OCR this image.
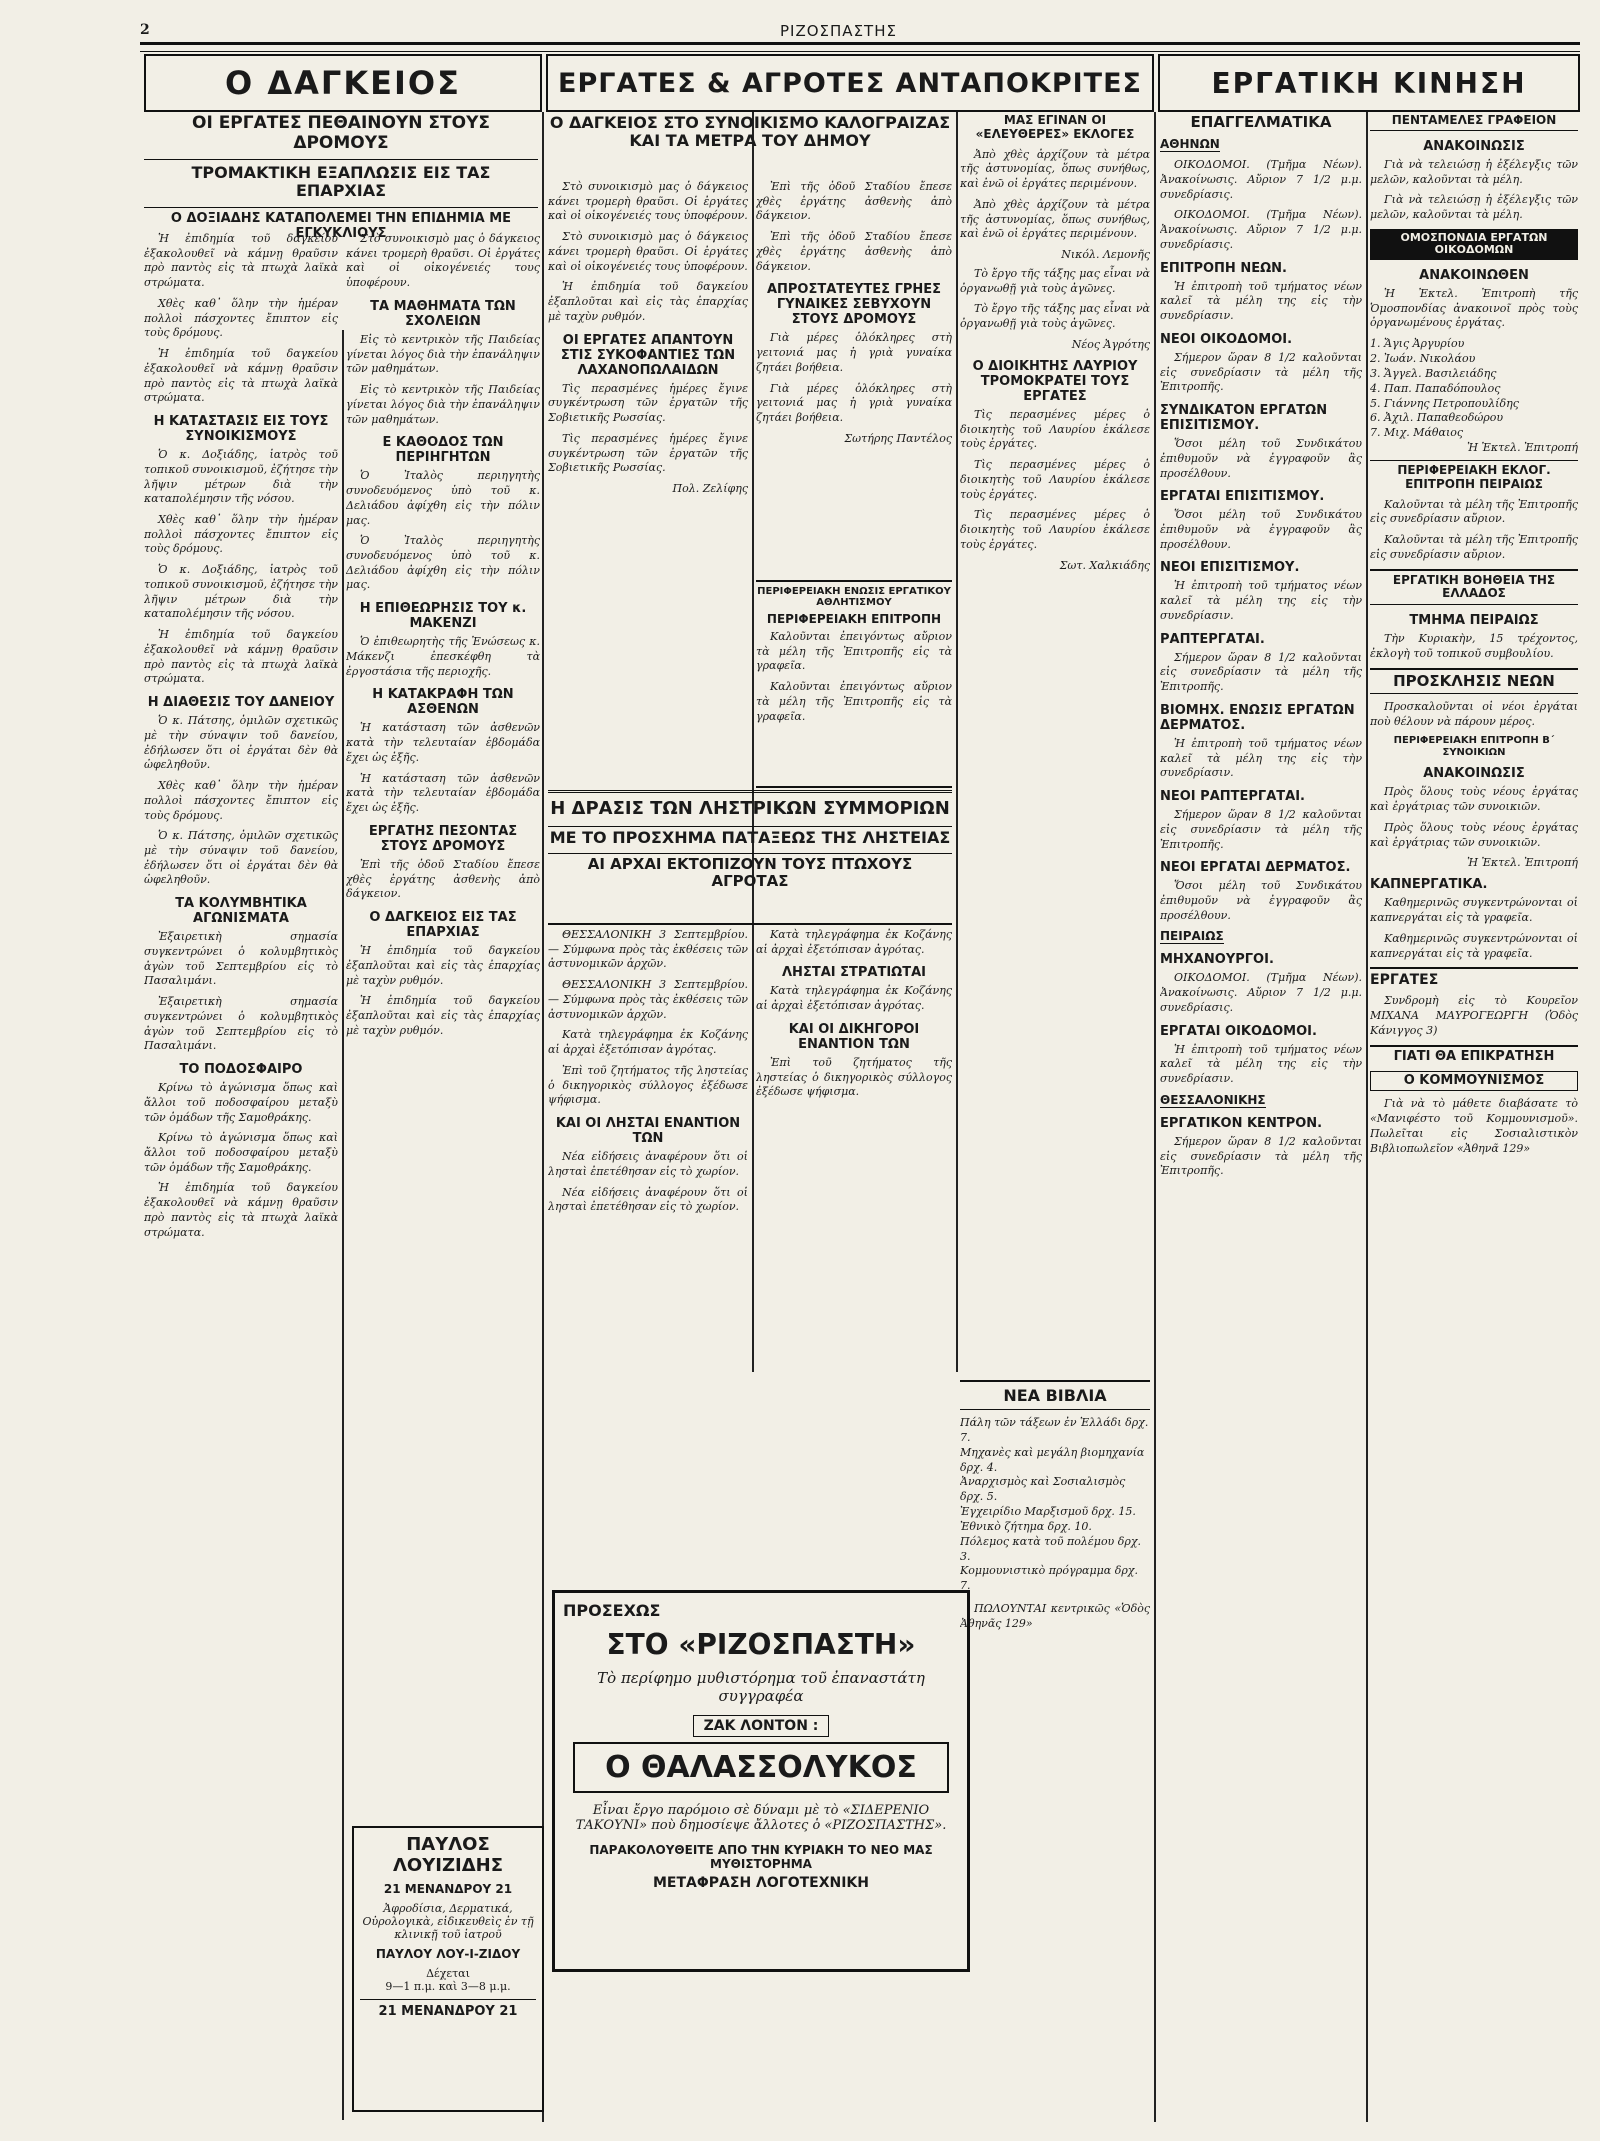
2	ΡΙΖΟΣΠΑΣΤΗΣ
Ο ΔΑΓΚΕΙΟΣ	ΕΡΓΑΤΕΣ & ΑΓΡΟΤΕΣ ΑΝΤΑΠΟΚΡΙΤΕΣ ΕΡΓΑΤΙΚΗ ΚΙΝΗΣΗ
ΟΙ ΕΡΓΑΤΕΣ ΠΕΘΑΙΝΟΥΝ ΣΤΟΥΣ ΔΡΟΜΟΥΣ
ΤΡΟΜΑΚΤΙΚΗ ΕΞΑΠΛΩΣΙΣ ΕΙΣ ΤΑΣ ΕΠΑΡΧΙΑΣ
Ο ΔΟΞΙΑΔΗΣ ΚΑΤΑΠΟΛΕΜΕΙ ΤΗΝ ΕΠΙΔΗΜΙΑ ΜΕ ΕΓΚΥΚΛΙΟΥΣ

Ἡ ἐπιδημία τοῦ δαγκείου ἐξακολουθεῖ νὰ κάμνῃ θραῦσιν πρὸ παντὸς εἰς τὰ πτωχὰ λαϊκὰ στρώματα.

Χθὲς καθ᾽ ὅλην τὴν ἡμέραν πολλοὶ πάσχοντες ἔπιπτον εἰς τοὺς δρόμους.

Ἡ ἐπιδημία τοῦ δαγκείου ἐξακολουθεῖ νὰ κάμνῃ θραῦσιν πρὸ παντὸς εἰς τὰ πτωχὰ λαϊκὰ στρώματα.

Η ΚΑΤΑΣΤΑΣΙΣ ΕΙΣ ΤΟΥΣ ΣΥΝΟΙΚΙΣΜΟΥΣ

Ὁ κ. Δοξιάδης, ἰατρὸς τοῦ τοπικοῦ συνοικισμοῦ, ἐζήτησε τὴν λῆψιν μέτρων διὰ τὴν καταπολέμησιν τῆς νόσου.

Χθὲς καθ᾽ ὅλην τὴν ἡμέραν πολλοὶ πάσχοντες ἔπιπτον εἰς τοὺς δρόμους.

Ὁ κ. Δοξιάδης, ἰατρὸς τοῦ τοπικοῦ συνοικισμοῦ, ἐζήτησε τὴν λῆψιν μέτρων διὰ τὴν καταπολέμησιν τῆς νόσου.

Ἡ ἐπιδημία τοῦ δαγκείου ἐξακολουθεῖ νὰ κάμνῃ θραῦσιν πρὸ παντὸς εἰς τὰ πτωχὰ λαϊκὰ στρώματα.

Η ΔΙΑΘΕΣΙΣ ΤΟΥ ΔΑΝΕΙΟΥ

Ὁ κ. Πάτσης, ὁμιλῶν σχετικῶς μὲ τὴν σύναψιν τοῦ δανείου, ἐδήλωσεν ὅτι οἱ ἐργάται δὲν θὰ ὠφεληθοῦν.

Χθὲς καθ᾽ ὅλην τὴν ἡμέραν πολλοὶ πάσχοντες ἔπιπτον εἰς τοὺς δρόμους.

Ὁ κ. Πάτσης, ὁμιλῶν σχετικῶς μὲ τὴν σύναψιν τοῦ δανείου, ἐδήλωσεν ὅτι οἱ ἐργάται δὲν θὰ ὠφεληθοῦν.

ΤΑ ΚΟΛΥΜΒΗΤΙΚΑ ΑΓΩΝΙΣΜΑΤΑ

Ἐξαιρετικὴ σημασία συγκεντρώνει ὁ κολυμβητικὸς ἀγὼν τοῦ Σεπτεμβρίου εἰς τὸ Πασαλιμάνι.

Ἐξαιρετικὴ σημασία συγκεντρώνει ὁ κολυμβητικὸς ἀγὼν τοῦ Σεπτεμβρίου εἰς τὸ Πασαλιμάνι.

ΤΟ ΠΟΔΟΣΦΑΙΡΟ

Κρίνω τὸ ἀγώνισμα ὅπως καὶ ἄλλοι τοῦ ποδοσφαίρου μεταξὺ τῶν ὁμάδων τῆς Σαμοθράκης.

Κρίνω τὸ ἀγώνισμα ὅπως καὶ ἄλλοι τοῦ ποδοσφαίρου μεταξὺ τῶν ὁμάδων τῆς Σαμοθράκης.

Ἡ ἐπιδημία τοῦ δαγκείου ἐξακολουθεῖ νὰ κάμνῃ θραῦσιν πρὸ παντὸς εἰς τὰ πτωχὰ λαϊκὰ στρώματα.

Στὸ συνοικισμὸ μας ὁ δάγκειος κάνει τρομερὴ θραῦσι. Οἱ ἐργάτες καὶ οἱ οἰκογένειές τους ὑποφέρουν.

ΤΑ ΜΑΘΗΜΑΤΑ ΤΩΝ ΣΧΟΛΕΙΩΝ

Εἰς τὸ κεντρικὸν τῆς Παιδείας γίνεται λόγος διὰ τὴν ἐπανάληψιν τῶν μαθημάτων.

Εἰς τὸ κεντρικὸν τῆς Παιδείας γίνεται λόγος διὰ τὴν ἐπανάληψιν τῶν μαθημάτων.

Ε ΚΑΘΟΔΟΣ ΤΩΝ ΠΕΡΙΗΓΗΤΩΝ

Ὁ Ἰταλὸς περιηγητὴς συνοδευόμενος ὑπὸ τοῦ κ. Δελιάδου ἀφίχθη εἰς τὴν πόλιν μας.

Ὁ Ἰταλὸς περιηγητὴς συνοδευόμενος ὑπὸ τοῦ κ. Δελιάδου ἀφίχθη εἰς τὴν πόλιν μας.

Η ΕΠΙΘΕΩΡΗΣΙΣ ΤΟΥ κ. ΜΑΚΕΝΖΙ

Ὁ ἐπιθεωρητὴς τῆς Ἐνώσεως κ. Μάκενζι ἐπεσκέφθη τὰ ἐργοστάσια τῆς περιοχῆς.

Η ΚΑΤΑΚΡΑΦΗ ΤΩΝ ΑΣΘΕΝΩΝ

Ἡ κατάσταση τῶν ἀσθενῶν κατὰ τὴν τελευταίαν ἑβδομάδα ἔχει ὡς ἑξῆς.

Ἡ κατάσταση τῶν ἀσθενῶν κατὰ τὴν τελευταίαν ἑβδομάδα ἔχει ὡς ἑξῆς.

ΕΡΓΑΤΗΣ ΠΕΣΟΝΤΑΣ ΣΤΟΥΣ ΔΡΟΜΟΥΣ

Ἐπὶ τῆς ὁδοῦ Σταδίου ἔπεσε χθὲς ἐργάτης ἀσθενὴς ἀπὸ δάγκειον.

Ο ΔΑΓΚΕΙΟΣ ΕΙΣ ΤΑΣ ΕΠΑΡΧΙΑΣ

Ἡ ἐπιδημία τοῦ δαγκείου ἐξαπλοῦται καὶ εἰς τὰς ἐπαρχίας μὲ ταχὺν ρυθμόν.

Ἡ ἐπιδημία τοῦ δαγκείου ἐξαπλοῦται καὶ εἰς τὰς ἐπαρχίας μὲ ταχὺν ρυθμόν.

ΠΑΥΛΟΣ ΛΟΥΙΖΙΔΗΣ
21 ΜΕΝΑΝΔΡΟΥ 21
Ἀφροδίσια, Δερματικά, Οὐρολογικὰ, εἰδικευθεὶς ἐν τῇ κλινικῇ τοῦ ἰατροῦ
ΠΑΥΛΟΥ ΛΟΥ-Ι-ΖΙΔΟΥ
Δέχεται
9—1 π.μ. καὶ 3—8 μ.μ.
21 ΜΕΝΑΝΔΡΟΥ 21
Ο ΔΑΓΚΕΙΟΣ ΣΤΟ ΣΥΝΟΙΚΙΣΜΟ ΚΑΛΟΓΡΑΙΖΑΣ ΚΑΙ ΤΑ ΜΕΤΡΑ ΤΟΥ ΔΗΜΟΥ

Στὸ συνοικισμὸ μας ὁ δάγκειος κάνει τρομερὴ θραῦσι. Οἱ ἐργάτες καὶ οἱ οἰκογένειές τους ὑποφέρουν.

Στὸ συνοικισμὸ μας ὁ δάγκειος κάνει τρομερὴ θραῦσι. Οἱ ἐργάτες καὶ οἱ οἰκογένειές τους ὑποφέρουν.

Ἡ ἐπιδημία τοῦ δαγκείου ἐξαπλοῦται καὶ εἰς τὰς ἐπαρχίας μὲ ταχὺν ρυθμόν.

ΟΙ ΕΡΓΑΤΕΣ ΑΠΑΝΤΟΥΝ ΣΤΙΣ ΣΥΚΟΦΑΝΤΙΕΣ ΤΩΝ ΛΑΧΑΝΟΠΩΛΑΙΔΩΝ

Τὶς περασμένες ἡμέρες ἔγινε συγκέντρωση τῶν ἐργατῶν τῆς Σοβιετικῆς Ρωσσίας.

Τὶς περασμένες ἡμέρες ἔγινε συγκέντρωση τῶν ἐργατῶν τῆς Σοβιετικῆς Ρωσσίας.

Πολ. Ζελίφης

Ἐπὶ τῆς ὁδοῦ Σταδίου ἔπεσε χθὲς ἐργάτης ἀσθενὴς ἀπὸ δάγκειον.

Ἐπὶ τῆς ὁδοῦ Σταδίου ἔπεσε χθὲς ἐργάτης ἀσθενὴς ἀπὸ δάγκειον.

ΑΠΡΟΣΤΑΤΕΥΤΕΣ ΓΡΗΕΣ ΓΥΝΑΙΚΕΣ ΣΕΒΥΧΟΥΝ ΣΤΟΥΣ ΔΡΟΜΟΥΣ

Γιὰ μέρες ὁλόκληρες στὴ γειτονιά μας ἡ γριὰ γυναίκα ζητάει βοήθεια.

Γιὰ μέρες ὁλόκληρες στὴ γειτονιά μας ἡ γριὰ γυναίκα ζητάει βοήθεια.

Σωτήρης Παντέλος

ΜΑΣ ΕΓΙΝΑΝ ΟΙ «ΕΛΕΥΘΕΡΕΣ» ΕΚΛΟΓΕΣ

Ἀπὸ χθὲς ἀρχίζουν τὰ μέτρα τῆς ἀστυνομίας, ὅπως συνήθως, καὶ ἐνῶ οἱ ἐργάτες περιμένουν.

Ἀπὸ χθὲς ἀρχίζουν τὰ μέτρα τῆς ἀστυνομίας, ὅπως συνήθως, καὶ ἐνῶ οἱ ἐργάτες περιμένουν.

Νικόλ. Λεμονῆς

Τὸ ἔργο τῆς τάξης μας εἶναι νὰ ὀργανωθῇ γιὰ τοὺς ἀγῶνες.

Τὸ ἔργο τῆς τάξης μας εἶναι νὰ ὀργανωθῇ γιὰ τοὺς ἀγῶνες.

Νέος Ἀγρότης

Ο ΔΙΟΙΚΗΤΗΣ ΛΑΥΡΙΟΥ ΤΡΟΜΟΚΡΑΤΕΙ ΤΟΥΣ ΕΡΓΑΤΕΣ

Τὶς περασμένες μέρες ὁ διοικητὴς τοῦ Λαυρίου ἐκάλεσε τοὺς ἐργάτες.

Τὶς περασμένες μέρες ὁ διοικητὴς τοῦ Λαυρίου ἐκάλεσε τοὺς ἐργάτες.

Τὶς περασμένες μέρες ὁ διοικητὴς τοῦ Λαυρίου ἐκάλεσε τοὺς ἐργάτες.

Σωτ. Χαλκιάδης

ΠΕΡΙΦΕΡΕΙΑΚΗ ΕΝΩΣΙΣ ΕΡΓΑΤΙΚΟΥ ΑΘΛΗΤΙΣΜΟΥ
ΠΕΡΙΦΕΡΕΙΑΚΗ ΕΠΙΤΡΟΠΗ

Καλοῦνται ἐπειγόντως αὔριον τὰ μέλη τῆς Ἐπιτροπῆς εἰς τὰ γραφεῖα.

Καλοῦνται ἐπειγόντως αὔριον τὰ μέλη τῆς Ἐπιτροπῆς εἰς τὰ γραφεῖα.

Η ΔΡΑΣΙΣ ΤΩΝ ΛΗΣΤΡΙΚΩΝ ΣΥΜΜΟΡΙΩΝ
ΜΕ ΤΟ ΠΡΟΣΧΗΜΑ ΠΑΤΑΞΕΩΣ ΤΗΣ ΛΗΣΤΕΙΑΣ
ΑΙ ΑΡΧΑΙ ΕΚΤΟΠΙΖΟΥΝ ΤΟΥΣ ΠΤΩΧΟΥΣ ΑΓΡΟΤΑΣ

ΘΕΣΣΑΛΟΝΙΚΗ 3 Σεπτεμβρίου. — Σύμφωνα πρὸς τὰς ἐκθέσεις τῶν ἀστυνομικῶν ἀρχῶν.

ΘΕΣΣΑΛΟΝΙΚΗ 3 Σεπτεμβρίου. — Σύμφωνα πρὸς τὰς ἐκθέσεις τῶν ἀστυνομικῶν ἀρχῶν.

Κατὰ τηλεγράφημα ἐκ Κοζάνης αἱ ἀρχαὶ ἐξετόπισαν ἀγρότας.

Ἐπὶ τοῦ ζητήματος τῆς ληστείας ὁ δικηγορικὸς σύλλογος ἐξέδωσε ψήφισμα.

ΚΑΙ ΟΙ ΛΗΣΤΑΙ ΕΝΑΝΤΙΟΝ ΤΩΝ

Νέα εἰδήσεις ἀναφέρουν ὅτι οἱ λησταὶ ἐπετέθησαν εἰς τὸ χωρίον.

Νέα εἰδήσεις ἀναφέρουν ὅτι οἱ λησταὶ ἐπετέθησαν εἰς τὸ χωρίον.

Κατὰ τηλεγράφημα ἐκ Κοζάνης αἱ ἀρχαὶ ἐξετόπισαν ἀγρότας.

ΛΗΣΤΑΙ ΣΤΡΑΤΙΩΤΑΙ

Κατὰ τηλεγράφημα ἐκ Κοζάνης αἱ ἀρχαὶ ἐξετόπισαν ἀγρότας.

ΚΑΙ ΟΙ ΔΙΚΗΓΟΡΟΙ ΕΝΑΝΤΙΟΝ ΤΩΝ

Ἐπὶ τοῦ ζητήματος τῆς ληστείας ὁ δικηγορικὸς σύλλογος ἐξέδωσε ψήφισμα.

ΝΕΑ ΒΙΒΛΙΑ

Πάλη τῶν τάξεων ἐν Ἑλλάδι δρχ. 7.

Μηχανὲς καὶ μεγάλη βιομηχανία δρχ. 4.

Ἀναρχισμὸς καὶ Σοσιαλισμὸς δρχ. 5.

Ἐγχειρίδιο Μαρξισμοῦ δρχ. 15.

Ἐθνικὸ ζήτημα δρχ. 10.

Πόλεμος κατὰ τοῦ πολέμου δρχ. 3.

Κομμουνιστικὸ πρόγραμμα δρχ. 7.

ΠΩΛΟΥΝΤΑΙ κεντρικῶς «Ὁδὸς Ἀθηνᾶς 129»

ΠΡΟΣΕΧΩΣ
ΣΤΟ «ΡΙΖΟΣΠΑΣΤΗ»
Τὸ περίφημο μυθιστόρημα τοῦ ἐπαναστάτη συγγραφέα
ΖΑΚ ΛΟΝΤΟΝ :
Ο ΘΑΛΑΣΣΟΛΥΚΟΣ
Εἶναι ἔργο παρόμοιο σὲ δύναμι μὲ τὸ «ΣΙΔΕΡΕΝΙΟ ΤΑΚΟΥΝΙ» ποὺ δημοσίεψε ἄλλοτες ὁ «ΡΙΖΟΣΠΑΣΤΗΣ».
ΠΑΡΑΚΟΛΟΥΘΕΙΤΕ ΑΠΟ ΤΗΝ ΚΥΡΙΑΚΗ ΤΟ ΝΕΟ ΜΑΣ ΜΥΘΙΣΤΟΡΗΜΑ
ΜΕΤΑΦΡΑΣΗ ΛΟΓΟΤΕΧΝΙΚΗ
ΕΠΑΓΓΕΛΜΑΤΙΚΑ
ΑΘΗΝΩΝ

ΟΙΚΟΔΟΜΟΙ. (Τμῆμα Νέων). Ἀνακοίνωσις. Αὔριον 7 1/2 μ.μ. συνεδρίασις.

ΟΙΚΟΔΟΜΟΙ. (Τμῆμα Νέων). Ἀνακοίνωσις. Αὔριον 7 1/2 μ.μ. συνεδρίασις.

ΕΠΙΤΡΟΠΗ ΝΕΩΝ.

Ἡ ἐπιτροπὴ τοῦ τμήματος νέων καλεῖ τὰ μέλη της εἰς τὴν συνεδρίασιν.

ΝΕΟΙ ΟΙΚΟΔΟΜΟΙ.

Σήμερον ὥραν 8 1/2 καλοῦνται εἰς συνεδρίασιν τὰ μέλη τῆς Ἐπιτροπῆς.

ΣΥΝΔΙΚΑΤΟΝ ΕΡΓΑΤΩΝ ΕΠΙΣΙΤΙΣΜΟΥ.

Ὅσοι μέλη τοῦ Συνδικάτου ἐπιθυμοῦν νὰ ἐγγραφοῦν ἂς προσέλθουν.

ΕΡΓΑΤΑΙ ΕΠΙΣΙΤΙΣΜΟΥ.

Ὅσοι μέλη τοῦ Συνδικάτου ἐπιθυμοῦν νὰ ἐγγραφοῦν ἂς προσέλθουν.

ΝΕΟΙ ΕΠΙΣΙΤΙΣΜΟΥ.

Ἡ ἐπιτροπὴ τοῦ τμήματος νέων καλεῖ τὰ μέλη της εἰς τὴν συνεδρίασιν.

ΡΑΠΤΕΡΓΑΤΑΙ.

Σήμερον ὥραν 8 1/2 καλοῦνται εἰς συνεδρίασιν τὰ μέλη τῆς Ἐπιτροπῆς.

ΒΙΟΜΗΧ. ΕΝΩΣΙΣ ΕΡΓΑΤΩΝ ΔΕΡΜΑΤΟΣ.

Ἡ ἐπιτροπὴ τοῦ τμήματος νέων καλεῖ τὰ μέλη της εἰς τὴν συνεδρίασιν.

ΝΕΟΙ ΡΑΠΤΕΡΓΑΤΑΙ.

Σήμερον ὥραν 8 1/2 καλοῦνται εἰς συνεδρίασιν τὰ μέλη τῆς Ἐπιτροπῆς.

ΝΕΟΙ ΕΡΓΑΤΑΙ ΔΕΡΜΑΤΟΣ.

Ὅσοι μέλη τοῦ Συνδικάτου ἐπιθυμοῦν νὰ ἐγγραφοῦν ἂς προσέλθουν.

ΠΕΙΡΑΙΩΣ
ΜΗΧΑΝΟΥΡΓΟΙ.

ΟΙΚΟΔΟΜΟΙ. (Τμῆμα Νέων). Ἀνακοίνωσις. Αὔριον 7 1/2 μ.μ. συνεδρίασις.

ΕΡΓΑΤΑΙ ΟΙΚΟΔΟΜΟΙ.

Ἡ ἐπιτροπὴ τοῦ τμήματος νέων καλεῖ τὰ μέλη της εἰς τὴν συνεδρίασιν.

ΘΕΣΣΑΛΟΝΙΚΗΣ
ΕΡΓΑΤΙΚΟΝ ΚΕΝΤΡΟΝ.

Σήμερον ὥραν 8 1/2 καλοῦνται εἰς συνεδρίασιν τὰ μέλη τῆς Ἐπιτροπῆς.

ΠΕΝΤΑΜΕΛΕΣ ΓΡΑΦΕΙΟΝ
ΑΝΑΚΟΙΝΩΣΙΣ

Γιὰ νὰ τελειώσῃ ἡ ἐξέλεγξις τῶν μελῶν, καλοῦνται τὰ μέλη.

Γιὰ νὰ τελειώσῃ ἡ ἐξέλεγξις τῶν μελῶν, καλοῦνται τὰ μέλη.

ΟΜΟΣΠΟΝΔΙΑ ΕΡΓΑΤΩΝ ΟΙΚΟΔΟΜΩΝ
ΑΝΑΚΟΙΝΩΘΕΝ

Ἡ Ἐκτελ. Ἐπιτροπὴ τῆς Ὁμοσπονδίας ἀνακοινοῖ πρὸς τοὺς ὀργανωμένους ἐργάτας.

1. Ἄγις Ἀργυρίου

2. Ἰωάν. Νικολάου

3. Ἄγγελ. Βασιλειάδης

4. Παπ. Παπαδόπουλος

5. Γιάννης Πετροπουλίδης

6. Ἀχιλ. Παπαθεοδώρου

7. Μιχ. Μάθαιος

Ἡ Ἐκτελ. Ἐπιτροπή

ΠΕΡΙΦΕΡΕΙΑΚΗ ΕΚΛΟΓ. ΕΠΙΤΡΟΠΗ ΠΕΙΡΑΙΩΣ

Καλοῦνται τὰ μέλη τῆς Ἐπιτροπῆς εἰς συνεδρίασιν αὔριον.

Καλοῦνται τὰ μέλη τῆς Ἐπιτροπῆς εἰς συνεδρίασιν αὔριον.

ΕΡΓΑΤΙΚΗ ΒΟΗΘΕΙΑ ΤΗΣ ΕΛΛΑΔΟΣ
ΤΜΗΜΑ ΠΕΙΡΑΙΩΣ

Τὴν Κυριακὴν, 15 τρέχοντος, ἐκλογὴ τοῦ τοπικοῦ συμβουλίου.

ΠΡΟΣΚΛΗΣΙΣ ΝΕΩΝ

Προσκαλοῦνται οἱ νέοι ἐργάται ποὺ θέλουν νὰ πάρουν μέρος.

ΠΕΡΙΦΕΡΕΙΑΚΗ ΕΠΙΤΡΟΠΗ Β΄ ΣΥΝΟΙΚΙΩΝ
ΑΝΑΚΟΙΝΩΣΙΣ

Πρὸς ὅλους τοὺς νέους ἐργάτας καὶ ἐργάτριας τῶν συνοικιῶν.

Πρὸς ὅλους τοὺς νέους ἐργάτας καὶ ἐργάτριας τῶν συνοικιῶν.

Ἡ Ἐκτελ. Ἐπιτροπή

ΚΑΠΝΕΡΓΑΤΙΚΑ.

Καθημερινῶς συγκεντρώνονται οἱ καπνεργάται εἰς τὰ γραφεῖα.

Καθημερινῶς συγκεντρώνονται οἱ καπνεργάται εἰς τὰ γραφεῖα.

ΕΡΓΑΤΕΣ

Συνδρομὴ εἰς τὸ Κουρεῖον ΜΙΧΑΝΑ ΜΑΥΡΟΓΕΩΡΓΗ (Ὁδὸς Κάνιγγος 3)

ΓΙΑΤΙ ΘΑ ΕΠΙΚΡΑΤΗΣΗ
Ο ΚΟΜΜΟΥΝΙΣΜΟΣ

Γιὰ νὰ τὸ μάθετε διαβάσατε τὸ «Μανιφέστο τοῦ Κομμουνισμοῦ». Πωλεῖται εἰς Σοσιαλιστικὸν Βιβλιοπωλεῖον «Ἀθηνᾶ 129»
